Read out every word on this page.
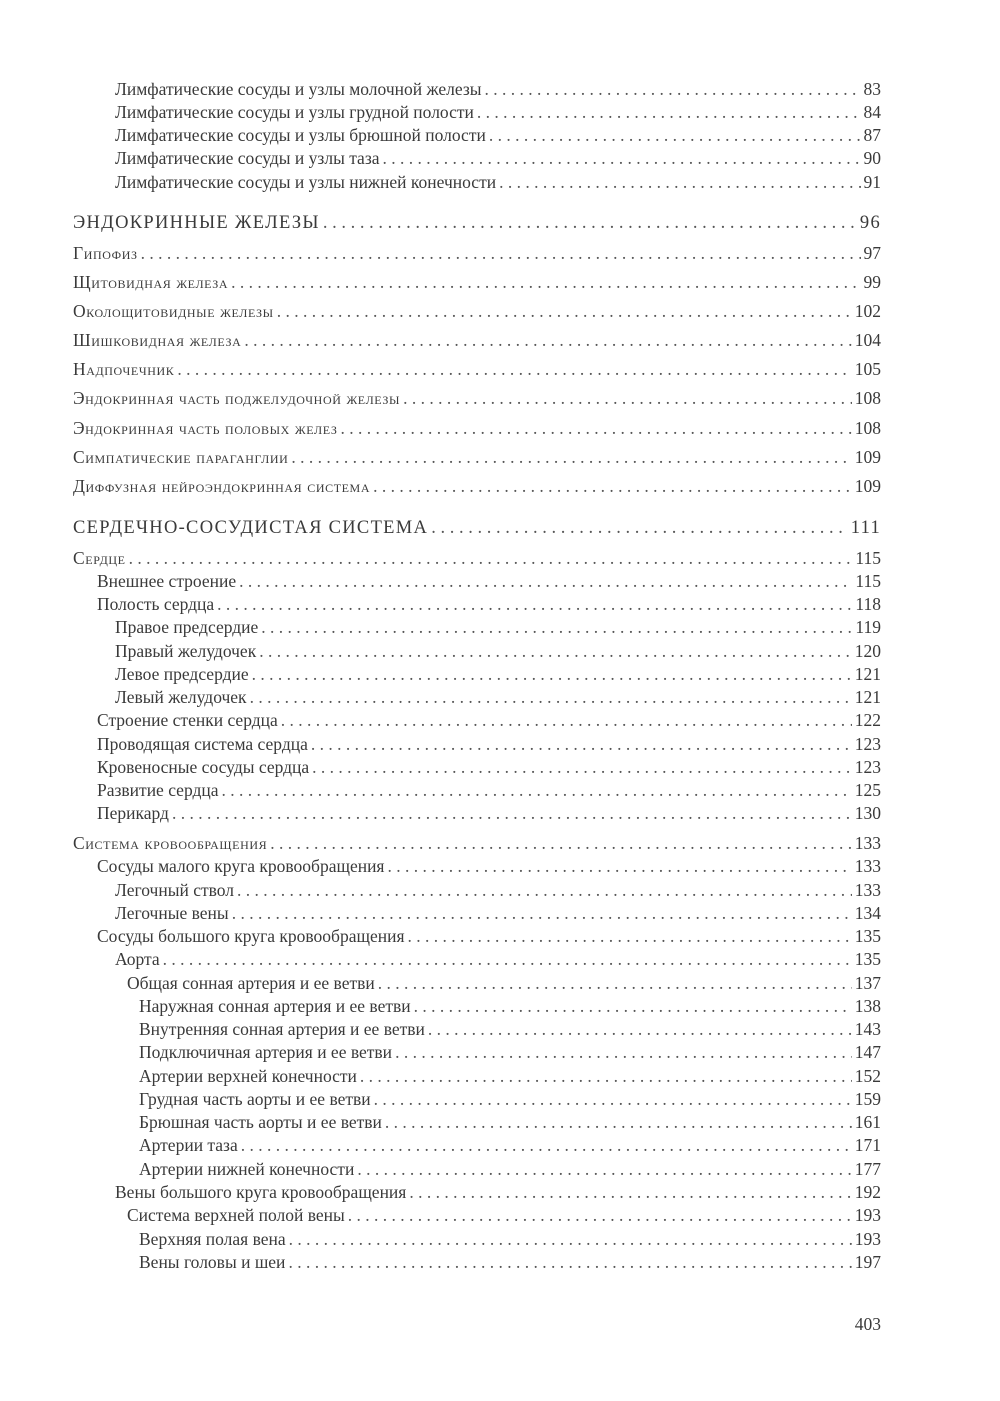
Лимфатические сосуды и узлы молочной железы . . .	83
Лимфатические сосуды и узлы грудной полости . . .	84
Лимфатические сосуды и узлы брюшной полости . . .	87
Лимфатические сосуды и узлы таза . . .	90
Лимфатические сосуды и узлы нижней конечности . . .	91
ЭНДОКРИННЫЕ ЖЕЛЕЗЫ . . .	96
Гипофиз . . .	97
Щитовидная железа . . .	99
Околощитовидные железы . . .	102
Шишковидная железа . . .	104
Надпочечник . . .	105
Эндокринная часть поджелудочной железы . . .	108
Эндокринная часть половых желез . . .	108
Симпатические параганглии . . .	109
Диффузная нейроэндокринная система . . .	109
СЕРДЕЧНО-СОСУДИСТАЯ СИСТЕМА . . .	111
Сердце . . .	115
Внешнее строение . . .	115
Полость сердца . . .	118
Правое предсердие . . .	119
Правый желудочек . . .	120
Левое предсердие . . .	121
Левый желудочек . . .	121
Строение стенки сердца . . .	122
Проводящая система сердца . . .	123
Кровеносные сосуды сердца . . .	123
Развитие сердца . . .	125
Перикард . . .	130
Система кровообращения . . .	133
Сосуды малого круга кровообращения . . .	133
Легочный ствол . . .	133
Легочные вены . . .	134
Сосуды большого круга кровообращения . . .	135
Аорта . . .	135
Общая сонная артерия и ее ветви . . .	137
Наружная сонная артерия и ее ветви . . .	138
Внутренняя сонная артерия и ее ветви . . .	143
Подключичная артерия и ее ветви . . .	147
Артерии верхней конечности . . .	152
Грудная часть аорты и ее ветви . . .	159
Брюшная часть аорты и ее ветви . . .	161
Артерии таза . . .	171
Артерии нижней конечности . . .	177
Вены большого круга кровообращения . . .	192
Система верхней полой вены . . .	193
Верхняя полая вена . . .	193
Вены головы и шеи . . .	197
403
